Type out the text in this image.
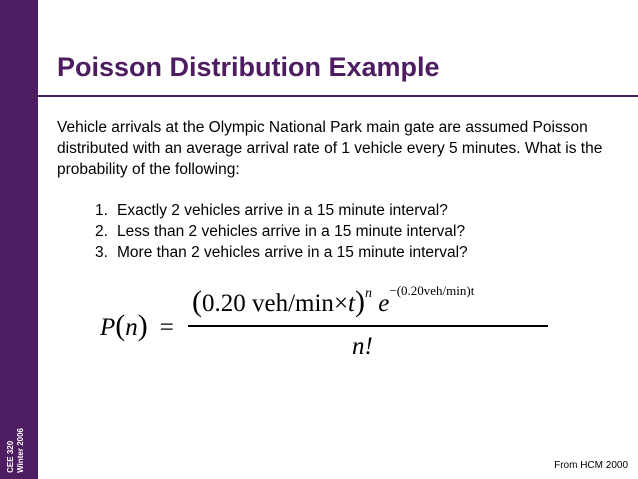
CEE 320 Winter 2006
Poisson Distribution Example

Vehicle arrivals at the Olympic National Park main gate are assumed Poisson distributed with an average arrival rate of 1 vehicle every 5 minutes. What is the probability of the following:

1. Exactly 2 vehicles arrive in a 15 minute interval?
2. Less than 2 vehicles arrive in a 15 minute interval?
3. More than 2 vehicles arrive in a 15 minute interval?
P(n) =
(0.20 veh/min×t)$^n$ $e^{-(0.20veh/min)t}$
n!
From HCM 2000
